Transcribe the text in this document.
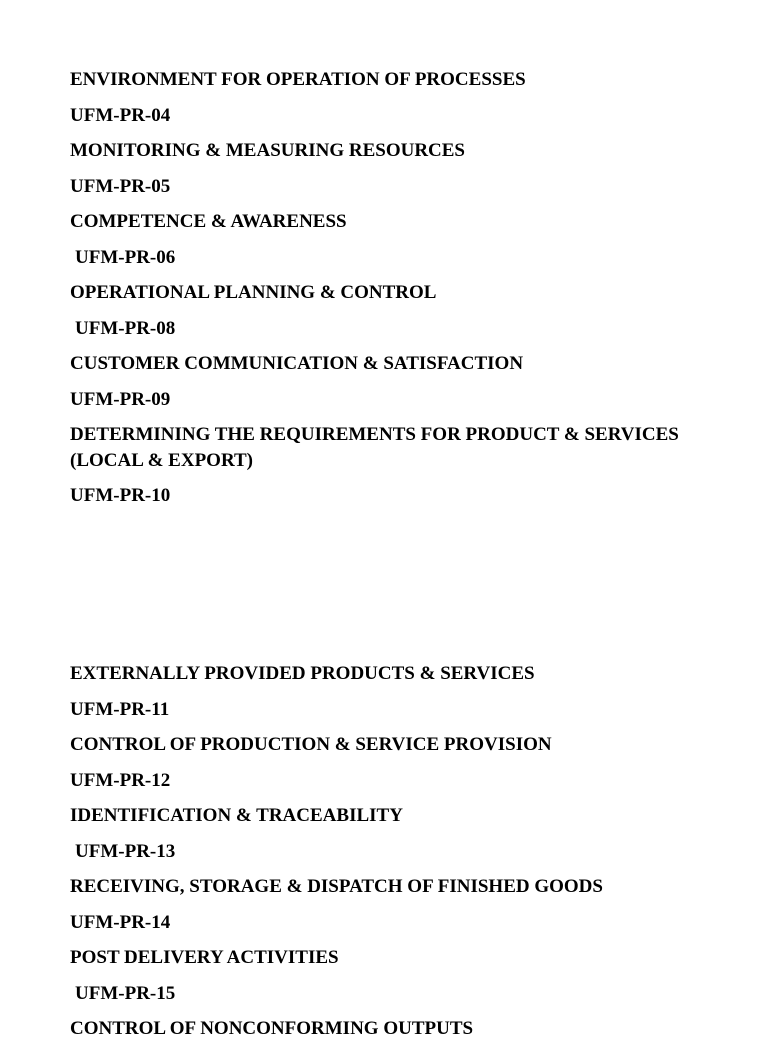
ENVIRONMENT FOR OPERATION OF PROCESSES
UFM-PR-04
MONITORING & MEASURING RESOURCES
UFM-PR-05
COMPETENCE & AWARENESS
UFM-PR-06
OPERATIONAL PLANNING & CONTROL
UFM-PR-08
CUSTOMER COMMUNICATION & SATISFACTION
UFM-PR-09
DETERMINING THE REQUIREMENTS FOR PRODUCT & SERVICES
(LOCAL & EXPORT)
UFM-PR-10
EXTERNALLY PROVIDED PRODUCTS & SERVICES
UFM-PR-11
CONTROL OF PRODUCTION & SERVICE PROVISION
UFM-PR-12
IDENTIFICATION & TRACEABILITY
UFM-PR-13
RECEIVING, STORAGE & DISPATCH OF FINISHED GOODS
UFM-PR-14
POST DELIVERY ACTIVITIES
UFM-PR-15
CONTROL OF NONCONFORMING OUTPUTS
